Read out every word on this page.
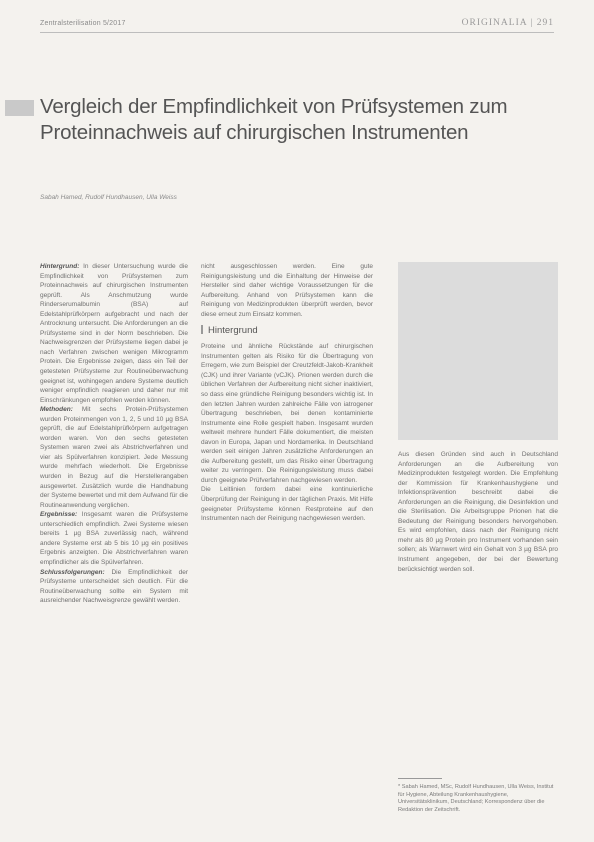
Zentralsterilisation 5/2017	ORIGINALIA | 291
Vergleich der Empfindlichkeit von Prüfsystemen zum Proteinnachweis auf chirurgischen Instrumenten
Sabah Hamed, Rudolf Hundhausen, Ulla Weiss

Hintergrund: In dieser Untersuchung wurde die Empfindlichkeit von Prüfsystemen zum Proteinnachweis auf chirurgischen Instrumenten geprüft. Als Anschmutzung wurde Rinderserumalbumin (BSA) auf Edelstahlprüfkörpern aufgebracht und nach der Antrocknung untersucht. Die Anforderungen an die Prüfsysteme sind in der Norm beschrieben. Die Nachweisgrenzen der Prüfsysteme liegen dabei je nach Verfahren zwischen wenigen Mikrogramm Protein. Die Ergebnisse zeigen, dass ein Teil der getesteten Prüfsysteme zur Routineüberwachung geeignet ist, wohingegen andere Systeme deutlich weniger empfindlich reagieren und daher nur mit Einschränkungen empfohlen werden können.

Methoden: Mit sechs Protein-Prüfsystemen wurden Proteinmengen von 1, 2, 5 und 10 µg BSA geprüft, die auf Edelstahlprüfkörpern aufgetragen worden waren. Von den sechs getesteten Systemen waren zwei als Abstrichverfahren und vier als Spülverfahren konzipiert. Jede Messung wurde mehrfach wiederholt. Die Ergebnisse wurden in Bezug auf die Herstellerangaben ausgewertet. Zusätzlich wurde die Handhabung der Systeme bewertet und mit dem Aufwand für die Routineanwendung verglichen.

Ergebnisse: Insgesamt waren die Prüfsysteme unterschiedlich empfindlich. Zwei Systeme wiesen bereits 1 µg BSA zuverlässig nach, während andere Systeme erst ab 5 bis 10 µg ein positives Ergebnis anzeigten. Die Abstrichverfahren waren empfindlicher als die Spülverfahren.

Schlussfolgerungen: Die Empfindlichkeit der Prüfsysteme unterscheidet sich deutlich. Für die Routineüberwachung sollte ein System mit ausreichender Nachweisgrenze gewählt werden.

nicht ausgeschlossen werden. Eine gute Reinigungsleistung und die Einhaltung der Hinweise der Hersteller sind daher wichtige Voraussetzungen für die Aufbereitung. Anhand von Prüfsystemen kann die Reinigung von Medizinprodukten überprüft werden, bevor diese erneut zum Einsatz kommen.

Hintergrund

Proteine und ähnliche Rückstände auf chirurgischen Instrumenten gelten als Risiko für die Übertragung von Erregern, wie zum Beispiel der Creutzfeldt-Jakob-Krankheit (CJK) und ihrer Variante (vCJK). Prionen werden durch die üblichen Verfahren der Aufbereitung nicht sicher inaktiviert, so dass eine gründliche Reinigung besonders wichtig ist. In den letzten Jahren wurden zahlreiche Fälle von iatrogener Übertragung beschrieben, bei denen kontaminierte Instrumente eine Rolle gespielt haben. Insgesamt wurden weltweit mehrere hundert Fälle dokumentiert, die meisten davon in Europa, Japan und Nordamerika. In Deutschland werden seit einigen Jahren zusätzliche Anforderungen an die Aufbereitung gestellt, um das Risiko einer Übertragung weiter zu verringern. Die Reinigungsleistung muss dabei durch geeignete Prüfverfahren nachgewiesen werden.

Die Leitlinien fordern dabei eine kontinuierliche Überprüfung der Reinigung in der täglichen Praxis. Mit Hilfe geeigneter Prüfsysteme können Restproteine auf den Instrumenten nach der Reinigung nachgewiesen werden.

Aus diesen Gründen sind auch in Deutschland Anforderungen an die Aufbereitung von Medizinprodukten festgelegt worden. Die Empfehlung der Kommission für Krankenhaushygiene und Infektionsprävention beschreibt dabei die Anforderungen an die Reinigung, die Desinfektion und die Sterilisation. Die Arbeitsgruppe Prionen hat die Bedeutung der Reinigung besonders hervorgehoben. Es wird empfohlen, dass nach der Reinigung nicht mehr als 80 µg Protein pro Instrument vorhanden sein sollen; als Warnwert wird ein Gehalt von 3 µg BSA pro Instrument angegeben, der bei der Bewertung berücksichtigt werden soll.

* Sabah Hamed, MSc, Rudolf Hundhausen, Ulla Weiss, Institut für Hygiene, Abteilung Krankenhaushygiene, Universitätsklinikum, Deutschland; Korrespondenz über die Redaktion der Zeitschrift.
